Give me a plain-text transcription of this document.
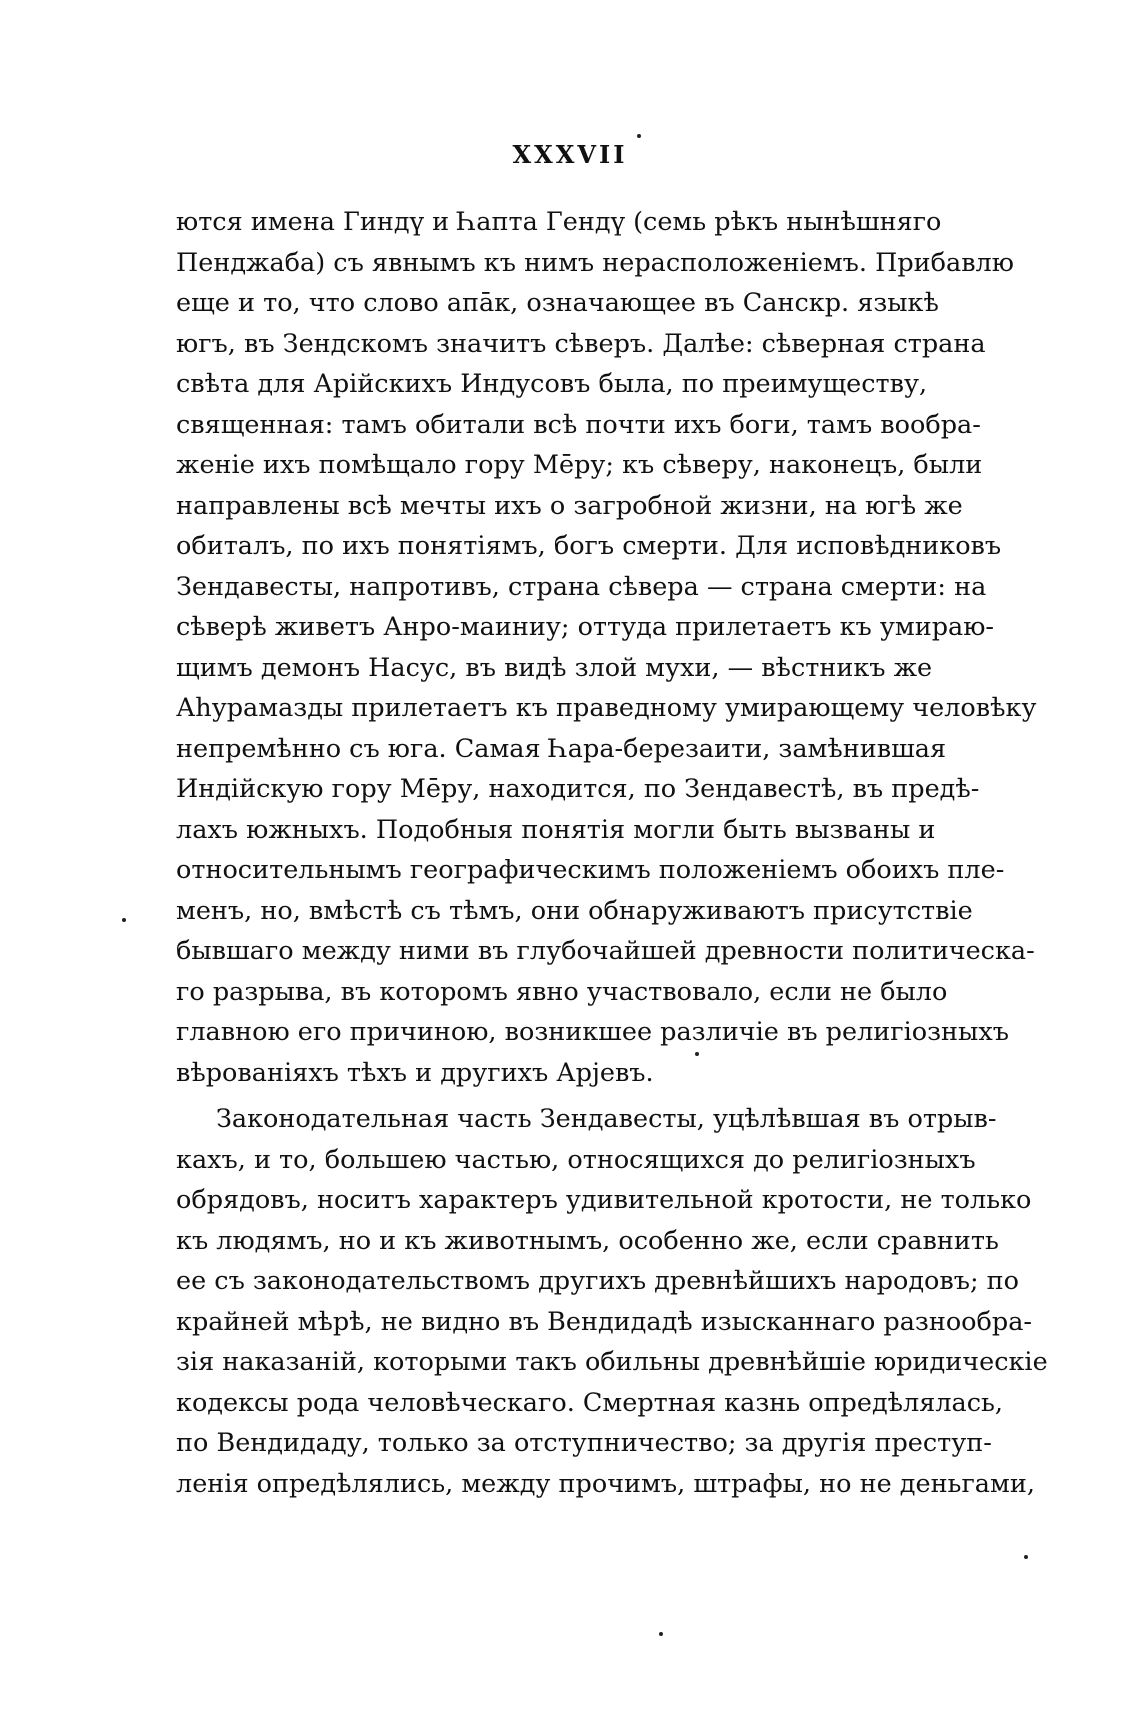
XXXVII
ются имена Гиндү и Һапта Гендү (семь рѣкъ нынѣшняго
Пенджаба) съ явнымъ къ нимъ нерасположеніемъ. Прибавлю
еще и то, что слово апāк, означающее въ Санскр. языкѣ
югъ, въ Зендскомъ значитъ сѣверъ. Далѣе: сѣверная страна
свѣта для Арійскихъ Индусовъ была, по преимуществу,
священная: тамъ обитали всѣ почти ихъ боги, тамъ вообра-
женіе ихъ помѣщало гору Мēру; къ сѣверу, наконецъ, были
направлены всѣ мечты ихъ о загробной жизни, на югѣ же
обиталъ, по ихъ понятіямъ, богъ смерти. Для исповѣдниковъ
Зендавесты, напротивъ, страна сѣвера — страна смерти: на
сѣверѣ живетъ Анро-маиниу; оттуда прилетаетъ къ умираю-
щимъ демонъ Насус, въ видѣ злой мухи, — вѣстникъ же
Аһурамазды прилетаетъ къ праведному умирающему человѣку
непремѣнно съ юга. Самая Һара-березаити, замѣнившая
Индійскую гору Мēру, находится, по Зендавестѣ, въ предѣ-
лахъ южныхъ. Подобныя понятія могли быть вызваны и
относительнымъ географическимъ положеніемъ обоихъ пле-
менъ, но, вмѣстѣ съ тѣмъ, они обнаруживаютъ присутствіе
бывшаго между ними въ глубочайшей древности политическа-
го разрыва, въ которомъ явно участвовало, если не было
главною его причиною, возникшее различіе въ религіозныхъ
вѣрованіяхъ тѣхъ и другихъ Арјевъ.
Законодательная часть Зендавесты, уцѣлѣвшая въ отрыв-
кахъ, и то, большею частью, относящихся до религіозныхъ
обрядовъ, носитъ характеръ удивительной кротости, не только
къ людямъ, но и къ животнымъ, особенно же, если сравнить
ее съ законодательствомъ другихъ древнѣйшихъ народовъ; по
крайней мѣрѣ, не видно въ Вендидадѣ изысканнаго разнообра-
зія наказаній, которыми такъ обильны древнѣйшіе юридическіе
кодексы рода человѣческаго. Смертная казнь опредѣлялась,
по Вендидаду, только за отступничество; за другія преступ-
ленія опредѣлялись, между прочимъ, штрафы, но не деньгами,
